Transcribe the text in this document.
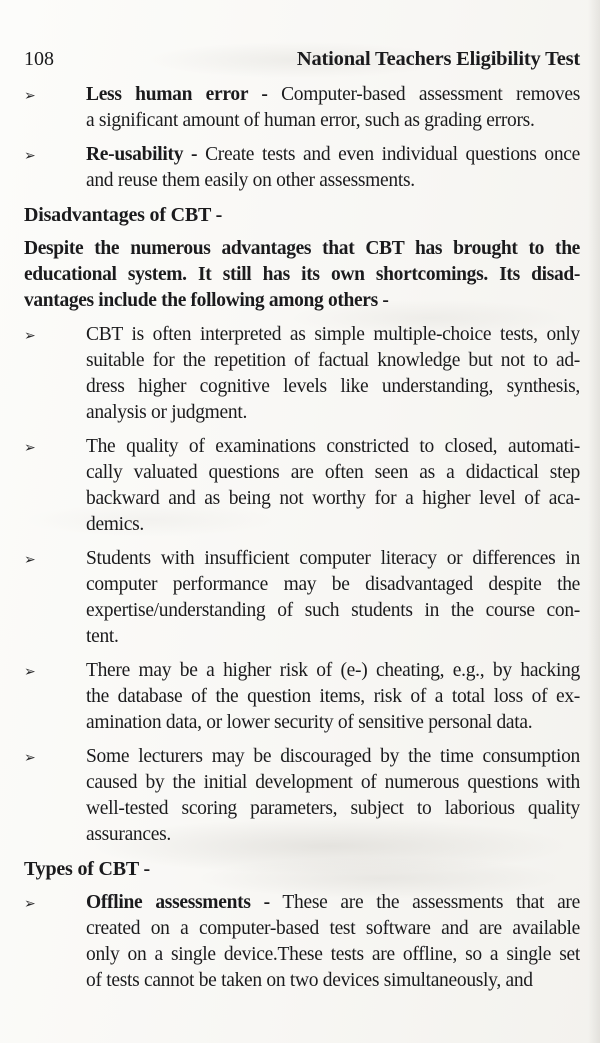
108	National Teachers Eligibility Test
➢	Less human error - Computer-based assessment removes
a significant amount of human error, such as grading errors.
➢	Re-usability - Create tests and even individual questions once
and reuse them easily on other assessments.
Disadvantages of CBT -
Despite the numerous advantages that CBT has brought to the
educational system. It still has its own shortcomings. Its disad-
vantages include the following among others -
➢	CBT is often interpreted as simple multiple-choice tests, only
suitable for the repetition of factual knowledge but not to ad-
dress higher cognitive levels like understanding, synthesis,
analysis or judgment.
➢	The quality of examinations constricted to closed, automati-
cally valuated questions are often seen as a didactical step
backward and as being not worthy for a higher level of aca-
demics.
➢	Students with insufficient computer literacy or differences in
computer performance may be disadvantaged despite the
expertise/understanding of such students in the course con-
tent.
➢	There may be a higher risk of (e-) cheating, e.g., by hacking
the database of the question items, risk of a total loss of ex-
amination data, or lower security of sensitive personal data.
➢	Some lecturers may be discouraged by the time consumption
caused by the initial development of numerous questions with
well-tested scoring parameters, subject to laborious quality
assurances.
Types of CBT -
➢	Offline assessments - These are the assessments that are
created on a computer-based test software and are available
only on a single device.These tests are offline, so a single set
of tests cannot be taken on two devices simultaneously, and
